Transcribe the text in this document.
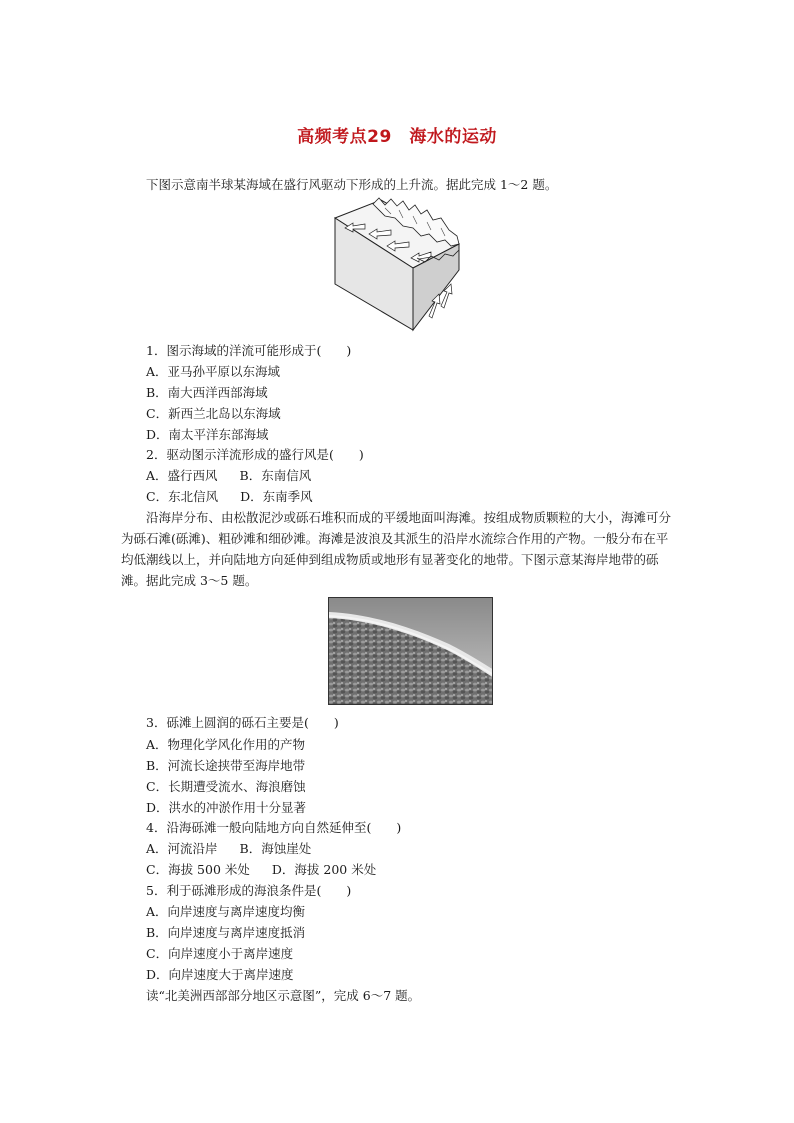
高频考点29　海水的运动
下图示意南半球某海域在盛行风驱动下形成的上升流。据此完成 1～2 题。
1．图示海域的洋流可能形成于(　　)
A．亚马孙平原以东海域
B．南大西洋西部海域
C．新西兰北岛以东海域
D．南太平洋东部海域
2．驱动图示洋流形成的盛行风是(　　)
A．盛行西风 B．东南信风
C．东北信风 D．东南季风

沿海岸分布、由松散泥沙或砾石堆积而成的平缓地面叫海滩。按组成物质颗粒的大小，海滩可分为砾石滩(砾滩)、粗砂滩和细砂滩。海滩是波浪及其派生的沿岸水流综合作用的产物。一般分布在平均低潮线以上，并向陆地方向延伸到组成物质或地形有显著变化的地带。下图示意某海岸地带的砾滩。据此完成 3～5 题。

3．砾滩上圆润的砾石主要是(　　)
A．物理化学风化作用的产物
B．河流长途挟带至海岸地带
C．长期遭受流水、海浪磨蚀
D．洪水的冲淤作用十分显著
4．沿海砾滩一般向陆地方向自然延伸至(　　)
A．河流沿岸 B．海蚀崖处
C．海拔 500 米处 D．海拔 200 米处
5．利于砾滩形成的海浪条件是(　　)
A．向岸速度与离岸速度均衡
B．向岸速度与离岸速度抵消
C．向岸速度小于离岸速度
D．向岸速度大于离岸速度
读“北美洲西部部分地区示意图”，完成 6～7 题。
